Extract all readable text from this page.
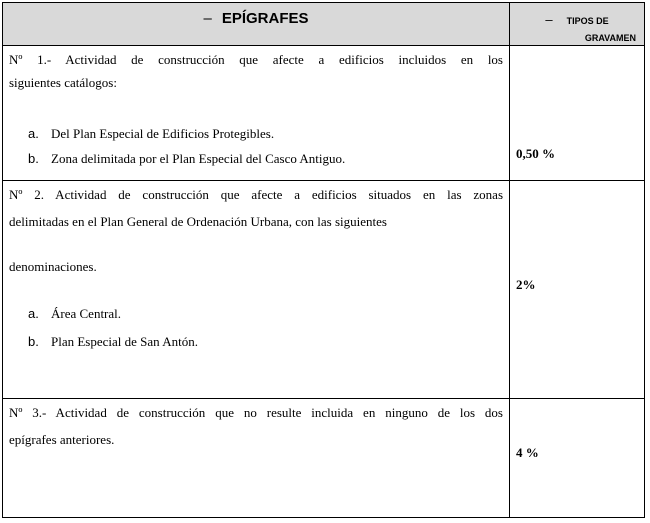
– EPÍGRAFES	– TIPOS DE
GRAVAMEN
Nº 1.- Actividad de construcción que afecte a edificios incluidos en los
siguientes catálogos:
a. Del Plan Especial de Edificios Protegibles.
b. Zona delimitada por el Plan Especial del Casco Antiguo.	0,50 %
Nº 2. Actividad de construcción que afecte a edificios situados en las zonas
delimitadas en el Plan General de Ordenación Urbana, con las siguientes
denominaciones.
a. Área Central.
b. Plan Especial de San Antón.
2%
Nº 3.- Actividad de construcción que no resulte incluida en ninguno de los dos
epígrafes anteriores.
4 %
